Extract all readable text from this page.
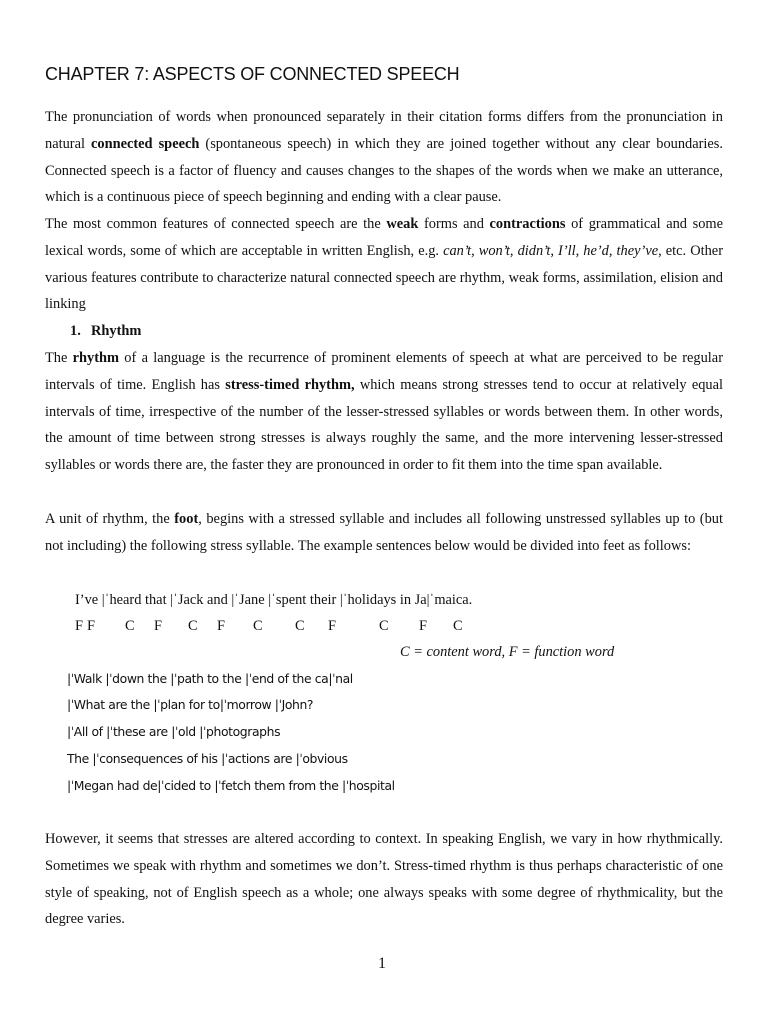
CHAPTER 7: ASPECTS OF CONNECTED SPEECH

The pronunciation of words when pronounced separately in their citation forms differs from the pronunciation in natural connected speech (spontaneous speech) in which they are joined together without any clear boundaries. Connected speech is a factor of fluency and causes changes to the shapes of the words when we make an utterance, which is a continuous piece of speech beginning and ending with a clear pause.

The most common features of connected speech are the weak forms and contractions of grammatical and some lexical words, some of which are acceptable in written English, e.g. can’t, won’t, didn’t, I’ll, he’d, they’ve, etc. Other various features contribute to characterize natural connected speech are rhythm, weak forms, assimilation, elision and linking

1. Rhythm

The rhythm of a language is the recurrence of prominent elements of speech at what are perceived to be regular intervals of time. English has stress-timed rhythm, which means strong stresses tend to occur at relatively equal intervals of time, irrespective of the number of the lesser-stressed syllables or words between them. In other words, the amount of time between strong stresses is always roughly the same, and the more intervening lesser-stressed syllables or words there are, the faster they are pronounced in order to fit them into the time span available.

A unit of rhythm, the foot, begins with a stressed syllable and includes all following unstressed syllables up to (but not including) the following stress syllable. The example sentences below would be divided into feet as follows:

I’ve |ˈheard that |ˈJack and |ˈJane |ˈspent their |ˈholidays in Ja|ˈmaica.

F F C F C F C C F	C F C

C = content word, F = function word

|ˈWalk |ˈdown the |ˈpath to the |ˈend of the ca|ˈnal

|ˈWhat are the |ˈplan for to|ˈmorrow |ˈJohn?

|ˈAll of |ˈthese are |ˈold |ˈphotographs

The |ˈconsequences of his |ˈactions are |ˈobvious

|ˈMegan had de|ˈcided to |ˈfetch them from the |ˈhospital

However, it seems that stresses are altered according to context. In speaking English, we vary in how rhythmically. Sometimes we speak with rhythm and sometimes we don’t. Stress-timed rhythm is thus perhaps characteristic of one style of speaking, not of English speech as a whole; one always speaks with some degree of rhythmicality, but the degree varies.

1
